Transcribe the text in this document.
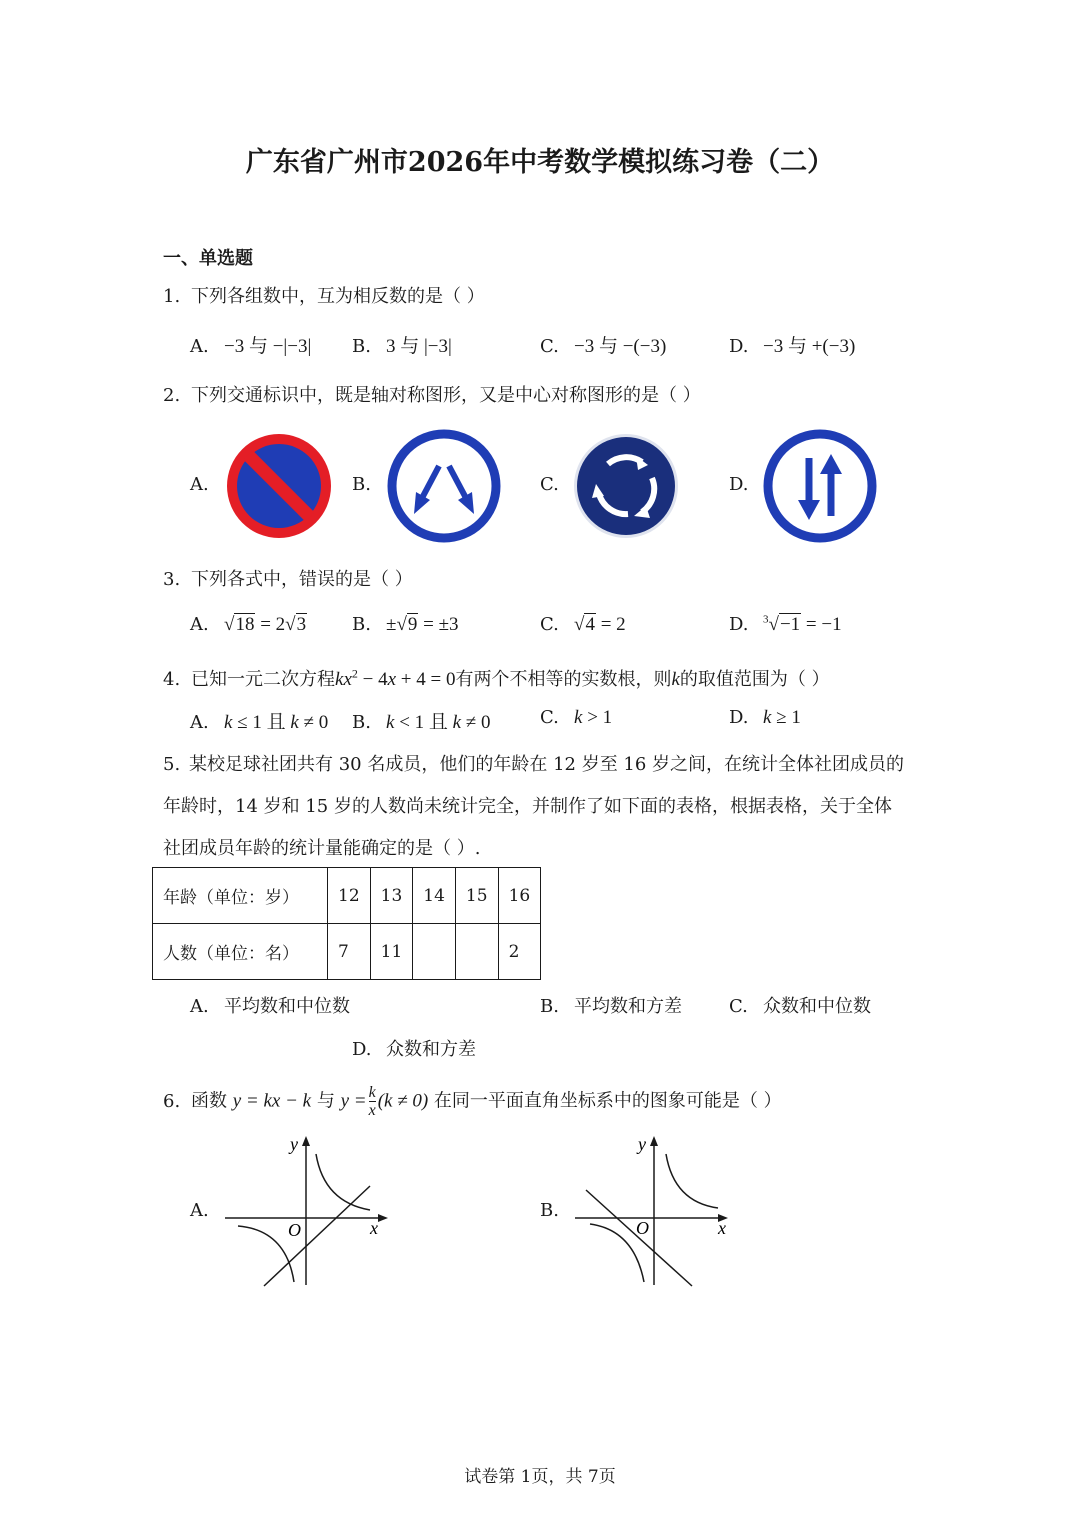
广东省广州市2026年中考数学模拟练习卷（二）
一、单选题
1. 下列各组数中，互为相反数的是（ ）
A. −3 与 −|−3| B. 3 与 |−3|	C. −3 与 −(−3)	D. −3 与 +(−3)
2. 下列交通标识中，既是轴对称图形，又是中心对称图形的是（ ）
A.	B.	C.	D.
3. 下列各式中，错误的是（ ）
A. √18 = 2√3	B. ±√9 = ±3	C. √4 = 2	D. $^3$√−1 = −1
4. 已知一元二次方程$kx^2 - 4x + 4 = 0$有两个不相等的实数根，则k的取值范围为（ ）
A. k ≤ 1 且 k ≠ 0 B. k < 1 且 k ≠ 0	C. k > 1	D. k ≥ 1
5. 某校足球社团共有 30 名成员，他们的年龄在 12 岁至 16 岁之间，在统计全体社团成员的
年龄时，14 岁和 15 岁的人数尚未统计完全，并制作了如下面的表格，根据表格，关于全体
社团成员年龄的统计量能确定的是（ ）.
年龄（单位：岁）	12	13	14	15	16
人数（单位：名）	7	11			2
A. 平均数和中位数	B. 平均数和方差	C. 众数和中位数
D. 众数和方差
6. 函数 y = kx − k 与 $y = \frac{k}{x} (k \ne 0)$ 在同一平面直角坐标系中的图象可能是（ ）
A.	B.
O	x
y
O	x
y
试卷第 1页，共 7页
